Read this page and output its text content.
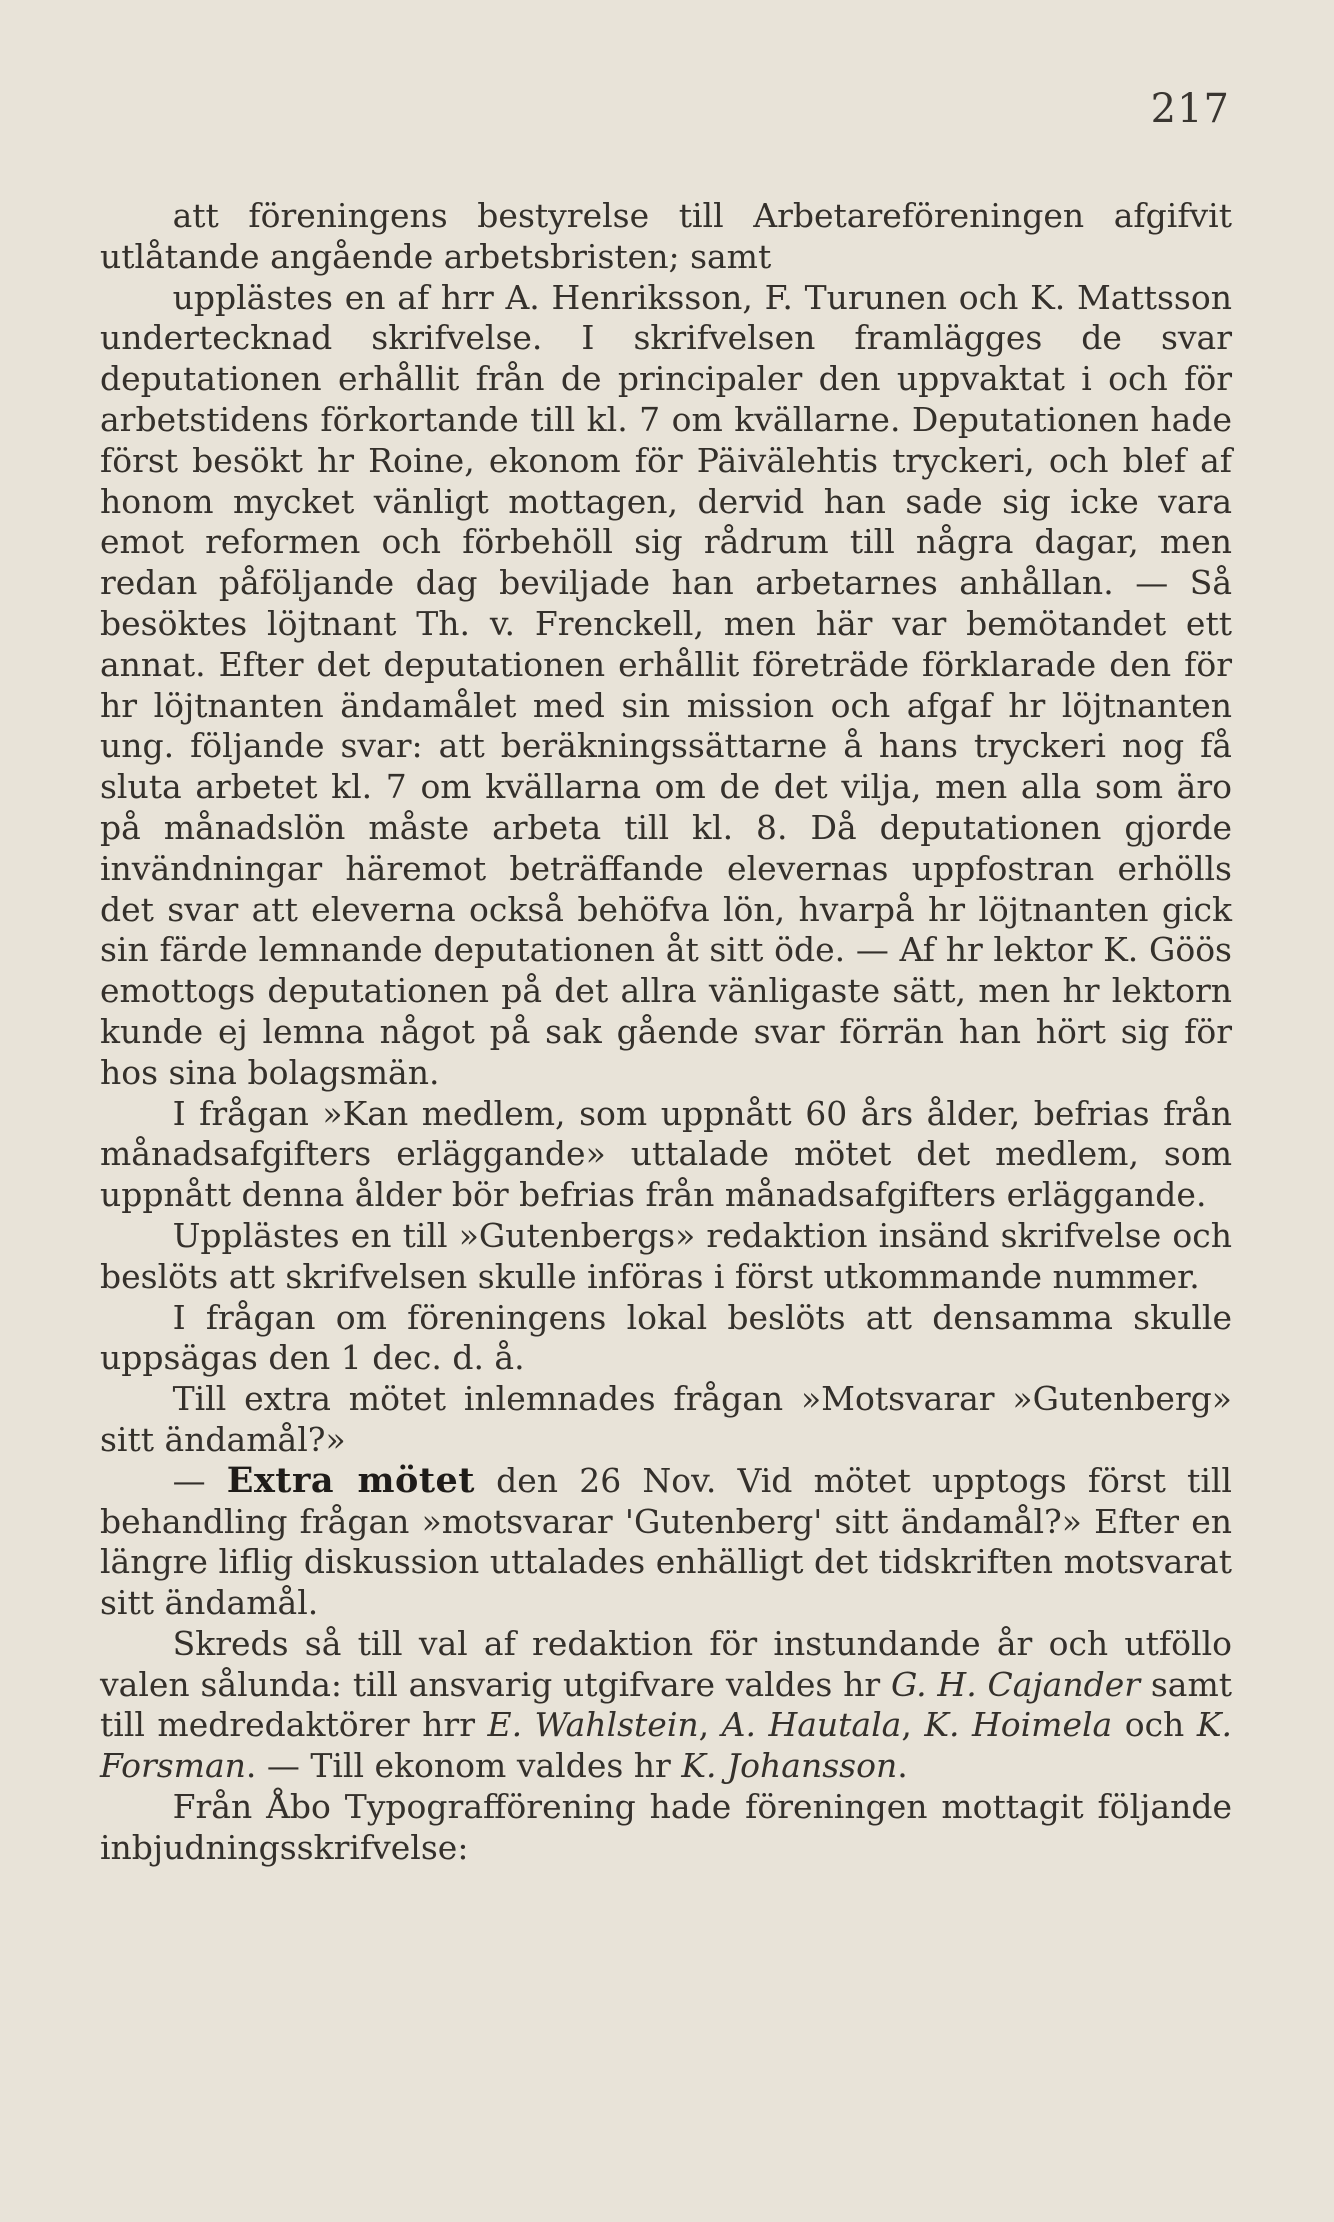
217

att föreningens bestyrelse till Arbetareföreningen afgifvit utlåtande angående arbetsbristen; samt

upplästes en af hrr A. Henriksson, F. Turunen och K. Mattsson undertecknad skrifvelse. I skrifvelsen framlägges de svar deputationen erhållit från de principaler den uppvaktat i och för arbetstidens förkortande till kl. 7 om kvällarne. Deputationen hade först besökt hr Roine, ekonom för Päivälehtis tryckeri, och blef af honom mycket vänligt mottagen, dervid han sade sig icke vara emot reformen och förbehöll sig rådrum till några dagar, men redan påföljande dag beviljade han arbetarnes anhållan. — Så besöktes löjtnant Th. v. Frenckell, men här var bemötandet ett annat. Efter det deputationen erhållit företräde förklarade den för hr löjtnanten ändamålet med sin mission och afgaf hr löjtnanten ung. följande svar: att beräkningssättarne å hans tryckeri nog få sluta arbetet kl. 7 om kvällarna om de det vilja, men alla som äro på månadslön måste arbeta till kl. 8. Då deputationen gjorde invändningar häremot beträffande elevernas uppfostran erhölls det svar att eleverna också behöfva lön, hvarpå hr löjtnanten gick sin färde lemnande deputationen åt sitt öde. — Af hr lektor K. Göös emottogs deputationen på det allra vänligaste sätt, men hr lektorn kunde ej lemna något på sak gående svar förrän han hört sig för hos sina bolagsmän.

I frågan »Kan medlem, som uppnått 60 års ålder, befrias från månadsafgifters erläggande» uttalade mötet det medlem, som uppnått denna ålder bör befrias från månadsafgifters erläggande.

Upplästes en till »Gutenbergs» redaktion insänd skrifvelse och beslöts att skrifvelsen skulle införas i först utkommande nummer.

I frågan om föreningens lokal beslöts att densamma skulle uppsägas den 1 dec. d. å.

Till extra mötet inlemnades frågan »Motsvarar »Gutenberg» sitt ändamål?»

— Extra mötet den 26 Nov. Vid mötet upptogs först till behandling frågan »motsvarar 'Gutenberg' sitt ändamål?» Efter en längre liflig diskussion uttalades enhälligt det tidskriften motsvarat sitt ändamål.

Skreds så till val af redaktion för instundande år och utföllo valen sålunda: till ansvarig utgifvare valdes hr G. H. Cajander samt till medredaktörer hrr E. Wahlstein, A. Hautala, K. Hoimela och K. Forsman. — Till ekonom valdes hr K. Johansson.

Från Åbo Typografförening hade föreningen mottagit följande inbjudningsskrifvelse:
